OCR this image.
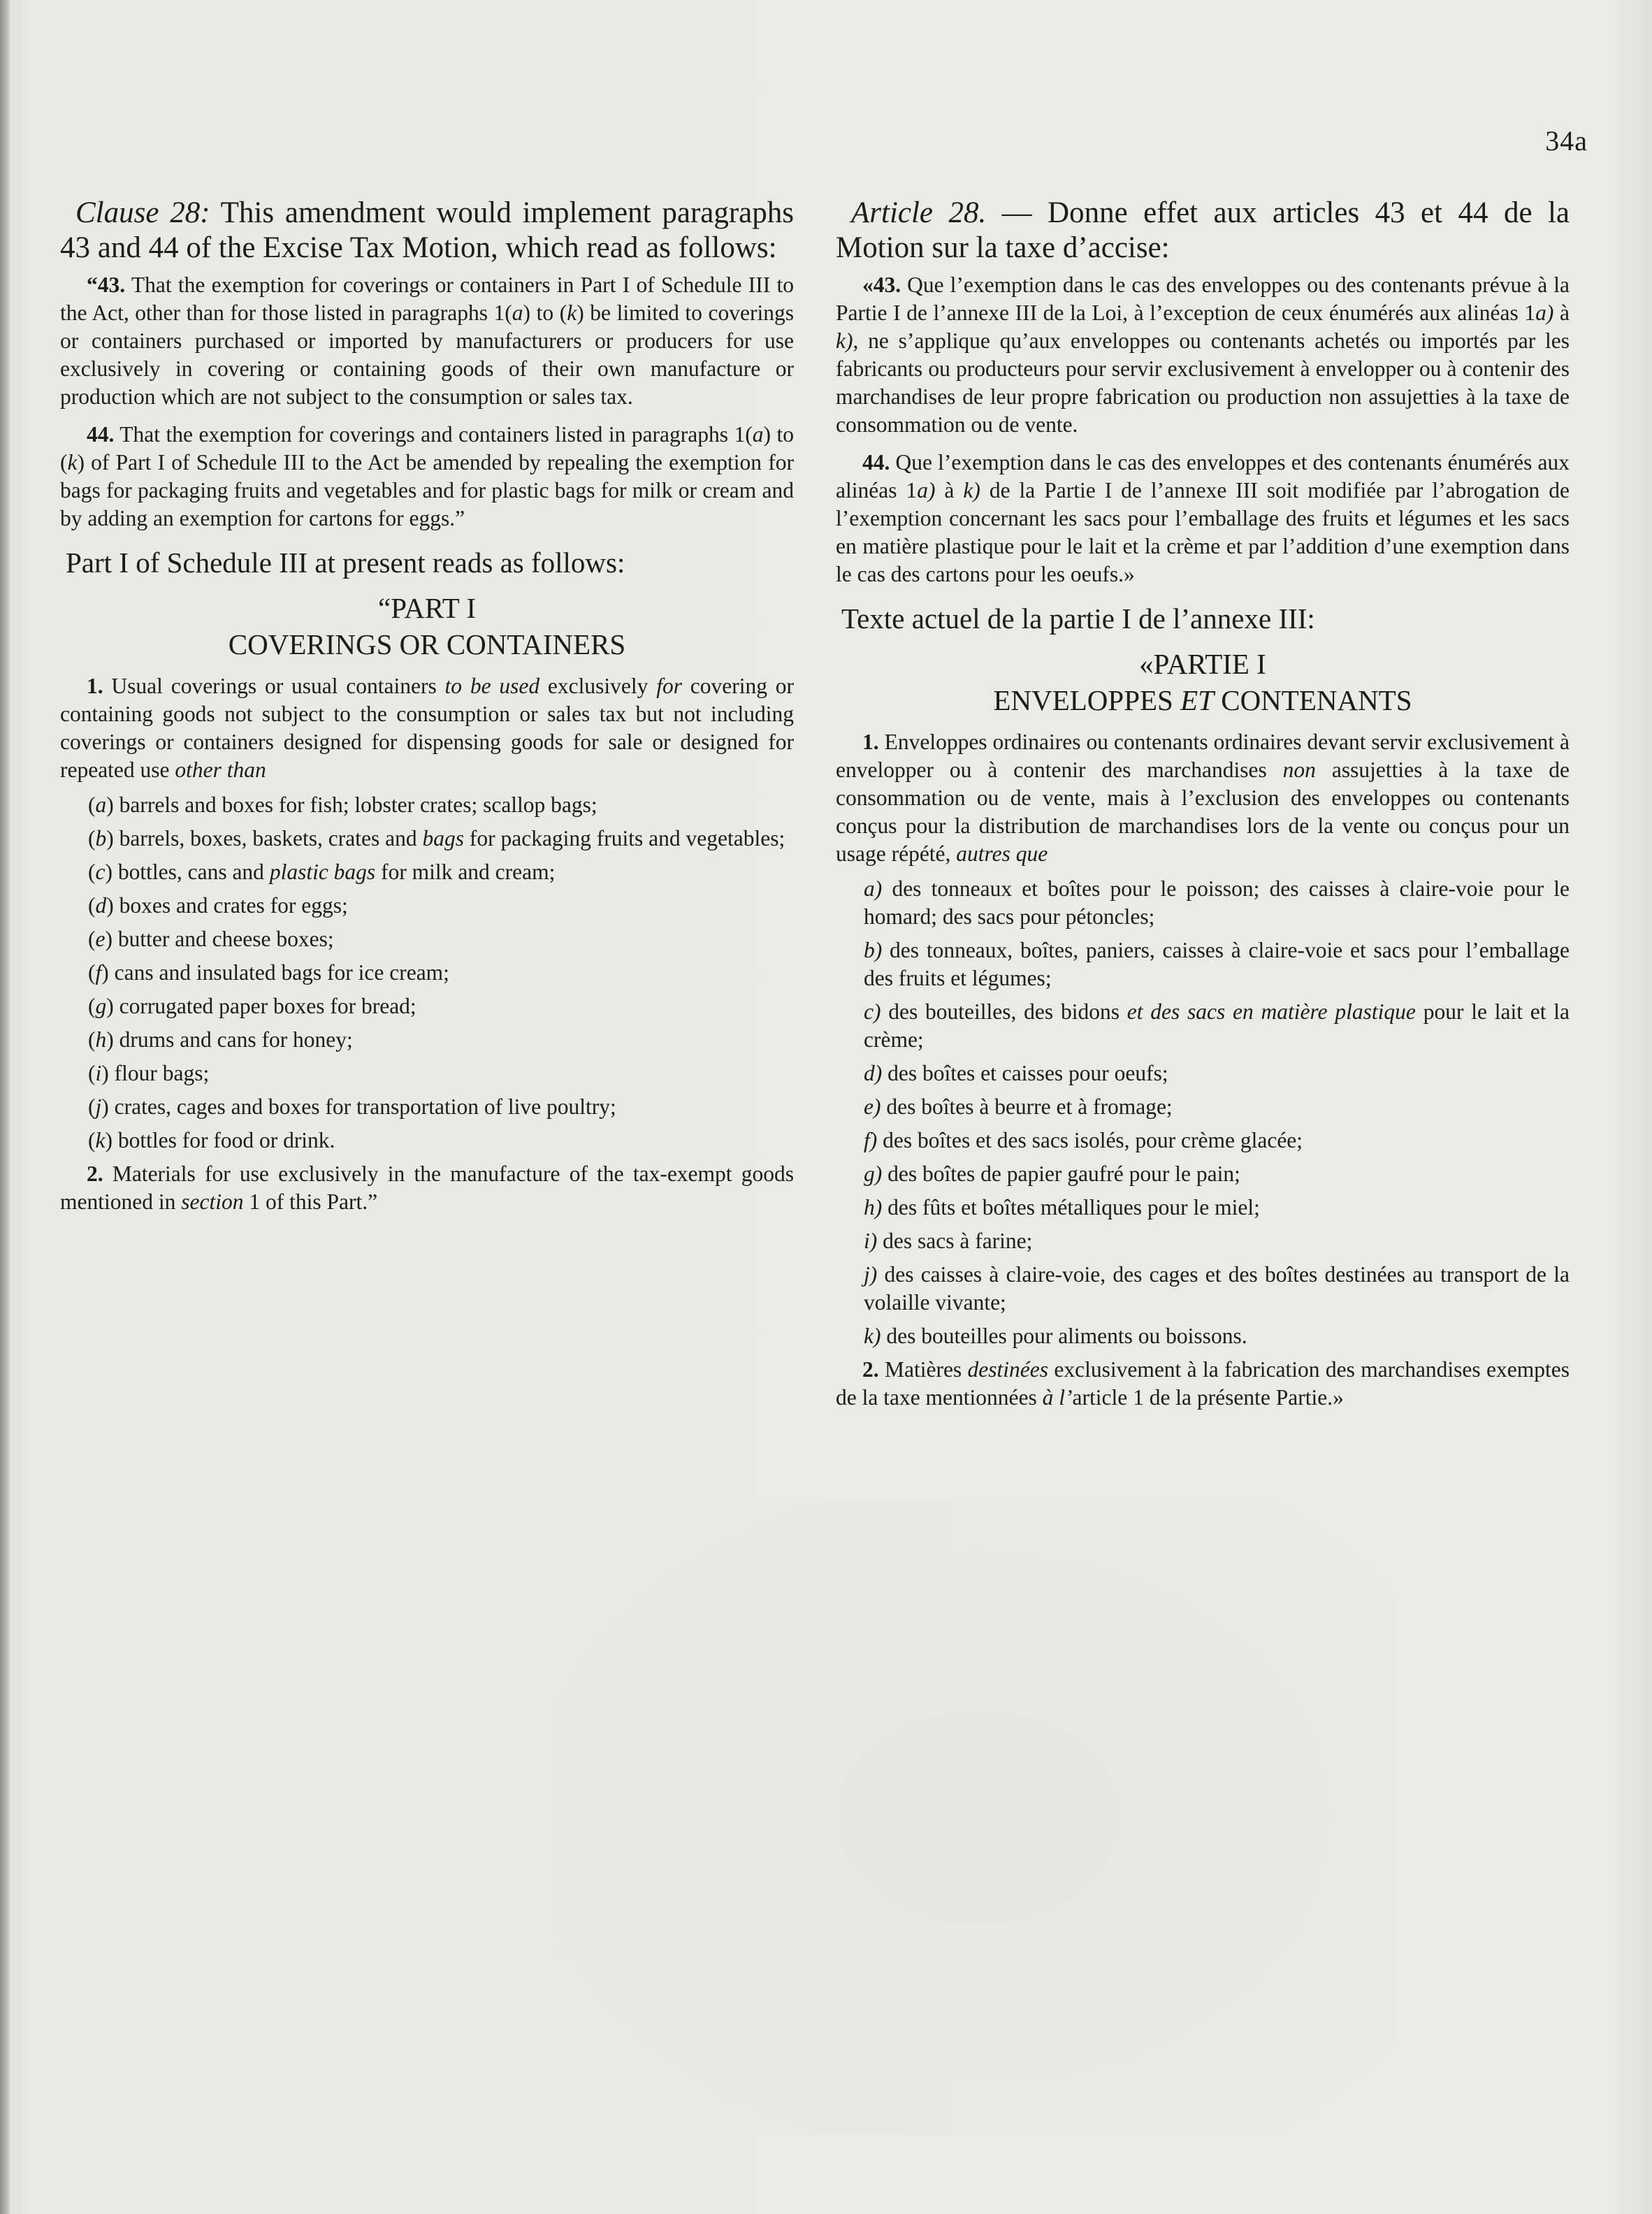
34a

Clause 28: This amendment would implement paragraphs 43 and 44 of the Excise Tax Motion, which read as follows:

“43. That the exemption for coverings or containers in Part I of Schedule III to the Act, other than for those listed in paragraphs 1(a) to (k) be limited to coverings or containers purchased or imported by manufacturers or producers for use exclusively in covering or containing goods of their own manufacture or production which are not subject to the consumption or sales tax.

44. That the exemption for coverings and containers listed in paragraphs 1(a) to (k) of Part I of Schedule III to the Act be amended by repealing the exemption for bags for packaging fruits and vegetables and for plastic bags for milk or cream and by adding an exemption for cartons for eggs.”

Part I of Schedule III at present reads as follows:

“PART I
COVERINGS OR CONTAINERS

1. Usual coverings or usual containers to be used exclusively for covering or containing goods not subject to the consumption or sales tax but not including coverings or containers designed for dispensing goods for sale or designed for repeated use other than

(a) barrels and boxes for fish; lobster crates; scallop bags;

(b) barrels, boxes, baskets, crates and bags for packaging fruits and vegetables;

(c) bottles, cans and plastic bags for milk and cream;

(d) boxes and crates for eggs;

(e) butter and cheese boxes;

(f) cans and insulated bags for ice cream;

(g) corrugated paper boxes for bread;

(h) drums and cans for honey;

(i) flour bags;

(j) crates, cages and boxes for transportation of live poultry;

(k) bottles for food or drink.

2. Materials for use exclusively in the manufacture of the tax-exempt goods mentioned in section 1 of this Part.”

Article 28. — Donne effet aux articles 43 et 44 de la Motion sur la taxe d’accise:

«43. Que l’exemption dans le cas des enveloppes ou des contenants prévue à la Partie I de l’annexe III de la Loi, à l’exception de ceux énumérés aux alinéas 1a) à k), ne s’applique qu’aux enveloppes ou contenants achetés ou importés par les fabricants ou producteurs pour servir exclusivement à envelopper ou à contenir des marchandises de leur propre fabrication ou production non assujetties à la taxe de consommation ou de vente.

44. Que l’exemption dans le cas des enveloppes et des contenants énumérés aux alinéas 1a) à k) de la Partie I de l’annexe III soit modifiée par l’abrogation de l’exemption concernant les sacs pour l’emballage des fruits et légumes et les sacs en matière plastique pour le lait et la crème et par l’addition d’une exemption dans le cas des cartons pour les oeufs.»

Texte actuel de la partie I de l’annexe III:

«PARTIE I
ENVELOPPES ET CONTENANTS

1. Enveloppes ordinaires ou contenants ordinaires devant servir exclusivement à envelopper ou à contenir des marchandises non assujetties à la taxe de consommation ou de vente, mais à l’exclusion des enveloppes ou contenants conçus pour la distribution de marchandises lors de la vente ou conçus pour un usage répété, autres que

a) des tonneaux et boîtes pour le poisson; des caisses à claire-voie pour le homard; des sacs pour pétoncles;

b) des tonneaux, boîtes, paniers, caisses à claire-voie et sacs pour l’emballage des fruits et légumes;

c) des bouteilles, des bidons et des sacs en matière plastique pour le lait et la crème;

d) des boîtes et caisses pour oeufs;

e) des boîtes à beurre et à fromage;

f) des boîtes et des sacs isolés, pour crème glacée;

g) des boîtes de papier gaufré pour le pain;

h) des fûts et boîtes métalliques pour le miel;

i) des sacs à farine;

j) des caisses à claire-voie, des cages et des boîtes destinées au transport de la volaille vivante;

k) des bouteilles pour aliments ou boissons.

2. Matières destinées exclusivement à la fabrication des marchandises exemptes de la taxe mentionnées à l’article 1 de la présente Partie.»
